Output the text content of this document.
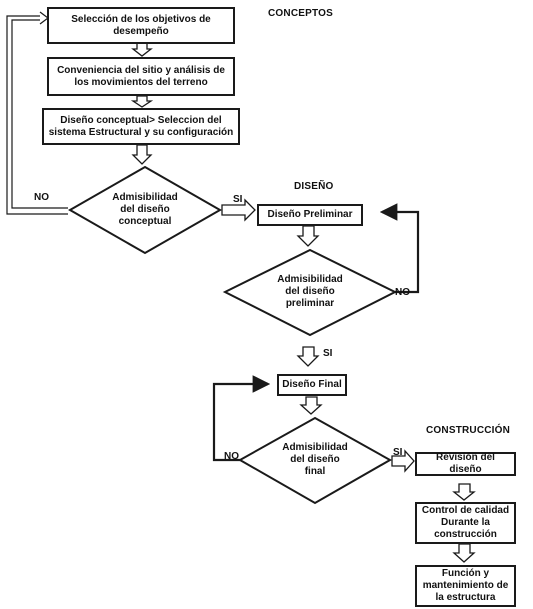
CONCEPTOS
DISEÑO
CONSTRUCCIÓN
Selección de los objetivos de
desempeño
Conveniencia del sitio y análisis de
los movimientos del terreno
Diseño conceptual> Seleccion del
sistema Estructural y su configuración
Diseño Preliminar
Diseño Final
Revisión del diseño
Control de calidad
Durante la
construcción
Función y
mantenimiento de
la estructura
Admisibilidad
del diseño
conceptual
Admisibilidad
del diseño
preliminar
Admisibilidad
del diseño
final
NO	SI
NO
SI
NO	SI
